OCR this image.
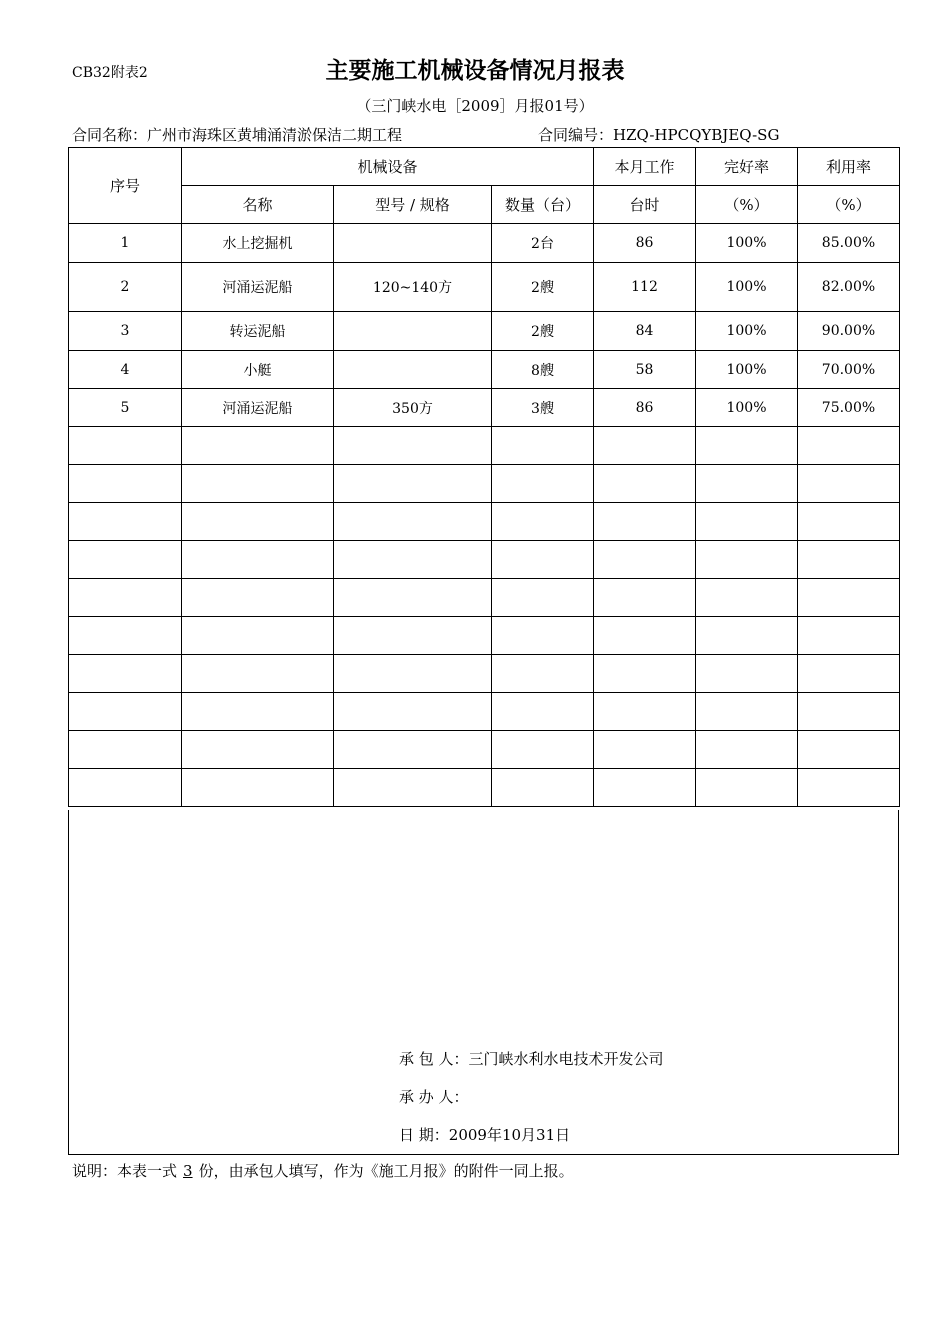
CB32附表2	主要施工机械设备情况月报表
（三门峡水电［2009］月报01号）
合同名称：广州市海珠区黄埔涌清淤保洁二期工程	合同编号：HZQ-HPCQYBJEQ-SG
序号	机械设备			本月工作	完好率	利用率
	名称	型号 / 规格	数量（台）	台时	（%）	（%）
1	水上挖掘机		2台	86	100%	85.00%
2	河涌运泥船	120~140方	2艘	112	100%	82.00%
3	转运泥船		2艘	84	100%	90.00%
4	小艇		8艘	58	100%	70.00%
5	河涌运泥船	350方	3艘	86	100%	75.00%

承 包 人：三门峡水利水电技术开发公司
承 办 人：
日 期：2009年10月31日
说明：本表一式 3 份，由承包人填写，作为《施工月报》的附件一同上报。
